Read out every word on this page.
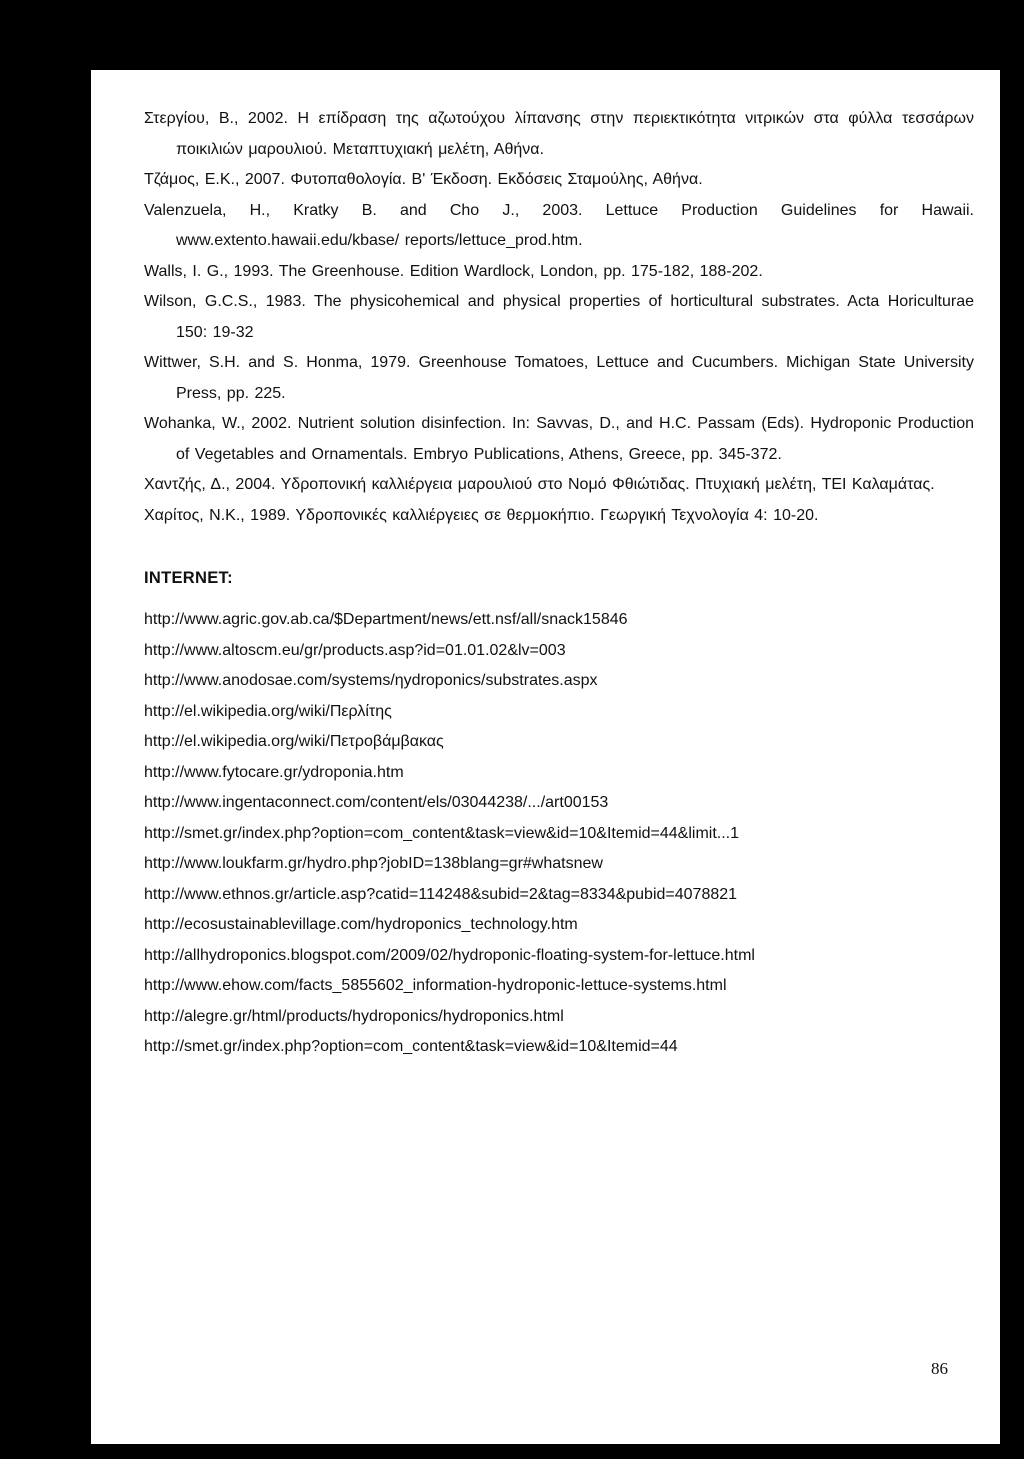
Στεργίου, Β., 2002. Η επίδραση της αζωτούχου λίπανσης στην περιεκτικότητα νιτρικών στα φύλλα τεσσάρων ποικιλιών μαρουλιού. Μεταπτυχιακή μελέτη, Αθήνα.

Τζάμος, Ε.Κ., 2007. Φυτοπαθολογία. Β' Έκδοση. Εκδόσεις Σταμούλης, Αθήνα.

Valenzuela, H., Kratky B. and Cho J., 2003. Lettuce Production Guidelines for Hawaii. www.extento.hawaii.edu/kbase/ reports/lettuce_prod.htm.

Walls, I. G., 1993. The Greenhouse. Edition Wardlock, London, pp. 175-182, 188-202.

Wilson, G.C.S., 1983. The physicohemical and physical properties of horticultural substrates. Acta Horiculturae 150: 19-32

Wittwer, S.H. and S. Honma, 1979. Greenhouse Tomatoes, Lettuce and Cucumbers. Michigan State University Press, pp. 225.

Wohanka, W., 2002. Nutrient solution disinfection. In: Savvas, D., and H.C. Passam (Eds). Hydroponic Production of Vegetables and Ornamentals. Embryo Publications, Athens, Greece, pp. 345-372.

Χαντζής, Δ., 2004. Υδροπονική καλλιέργεια μαρουλιού στο Νομό Φθιώτιδας. Πτυχιακή μελέτη, ΤΕΙ Καλαμάτας.

Χαρίτος, Ν.Κ., 1989. Υδροπονικές καλλιέργειες σε θερμοκήπιο. Γεωργική Τεχνολογία 4: 10-20.

INTERNET:
http://www.agric.gov.ab.ca/$Department/news/ett.nsf/all/snack15846
http://www.altoscm.eu/gr/products.asp?id=01.01.02&lv=003
http://www.anodosae.com/systems/ηydroponics/substrates.aspx
http://el.wikipedia.org/wiki/Περλίτης
http://el.wikipedia.org/wiki/Πετροβάμβακας
http://www.fytocare.gr/ydroponia.htm
http://www.ingentaconnect.com/content/els/03044238/.../art00153
http://smet.gr/index.php?option=com_content&task=view&id=10&Itemid=44&limit...1
http://www.loukfarm.gr/hydro.php?jobID=138blang=gr#whatsnew
http://www.ethnos.gr/article.asp?catid=114248&subid=2&tag=8334&pubid=4078821
http://ecosustainablevillage.com/hydroponics_technology.htm
http://allhydroponics.blogspot.com/2009/02/hydroponic-floating-system-for-lettuce.html
http://www.ehow.com/facts_5855602_information-hydroponic-lettuce-systems.html
http://alegre.gr/html/products/hydroponics/hydroponics.html
http://smet.gr/index.php?option=com_content&task=view&id=10&Itemid=44
86
